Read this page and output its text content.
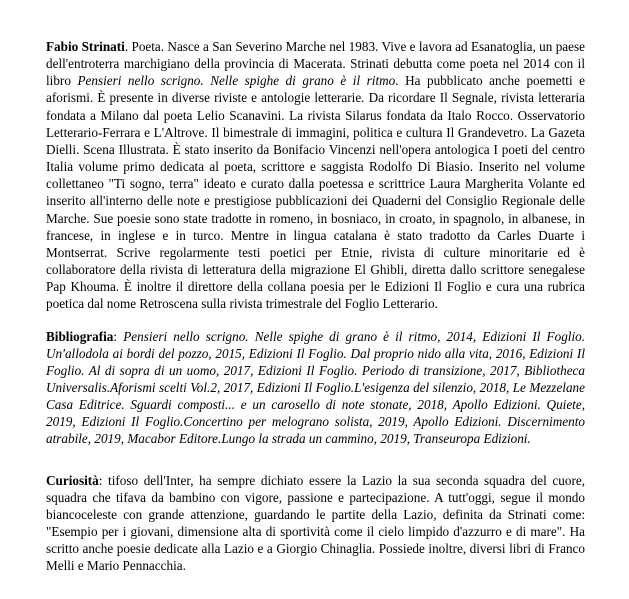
Fabio Strinati. Poeta. Nasce a San Severino Marche nel 1983. Vive e lavora ad Esanatoglia, un paese dell'entroterra marchigiano della provincia di Macerata. Strinati debutta come poeta nel 2014 con il libro Pensieri nello scrigno. Nelle spighe di grano è il ritmo. Ha pubblicato anche poemetti e aforismi. È presente in diverse riviste e antologie letterarie. Da ricordare Il Segnale, rivista letteraria fondata a Milano dal poeta Lelio Scanavini. La rivista Silarus fondata da Italo Rocco. Osservatorio Letterario-Ferrara e L'Altrove. Il bimestrale di immagini, politica e cultura Il Grandevetro. La Gazeta Dielli. Scena Illustrata. È stato inserito da Bonifacio Vincenzi nell'opera antologica I poeti del centro Italia volume primo dedicata al poeta, scrittore e saggista Rodolfo Di Biasio. Inserito nel volume collettaneo "Ti sogno, terra" ideato e curato dalla poetessa e scrittrice Laura Margherita Volante ed inserito all'interno delle note e prestigiose pubblicazioni dei Quaderni del Consiglio Regionale delle Marche. Sue poesie sono state tradotte in romeno, in bosniaco, in croato, in spagnolo, in albanese, in francese, in inglese e in turco. Mentre in lingua catalana è stato tradotto da Carles Duarte i Montserrat. Scrive regolarmente testi poetici per Etnie, rivista di culture minoritarie ed è collaboratore della rivista di letteratura della migrazione El Ghibli, diretta dallo scrittore senegalese Pap Khouma. È inoltre il direttore della collana poesia per le Edizioni Il Foglio e cura una rubrica poetica dal nome Retroscena sulla rivista trimestrale del Foglio Letterario.

Bibliografia: Pensieri nello scrigno. Nelle spighe di grano è il ritmo, 2014, Edizioni Il Foglio. Un'allodola ai bordi del pozzo, 2015, Edizioni Il Foglio. Dal proprio nido alla vita, 2016, Edizioni Il Foglio. Al di sopra di un uomo, 2017, Edizioni Il Foglio. Periodo di transizione, 2017, Bibliotheca Universalis.Aforismi scelti Vol.2, 2017, Edizioni Il Foglio.L'esigenza del silenzio, 2018, Le Mezzelane Casa Editrice. Sguardi composti... e un carosello di note stonate, 2018, Apollo Edizioni. Quiete, 2019, Edizioni Il Foglio.Concertino per melograno solista, 2019, Apollo Edizioni. Discernimento atrabile, 2019, Macabor Editore.Lungo la strada un cammino, 2019, Transeuropa Edizioni.

Curiosità: tifoso dell'Inter, ha sempre dichiato essere la Lazio la sua seconda squadra del cuore, squadra che tifava da bambino con vigore, passione e partecipazione. A tutt'oggi, segue il mondo biancoceleste con grande attenzione, guardando le partite della Lazio, definita da Strinati come: "Esempio per i giovani, dimensione alta di sportività come il cielo limpido d'azzurro e di mare". Ha scritto anche poesie dedicate alla Lazio e a Giorgio Chinaglia. Possiede inoltre, diversi libri di Franco Melli e Mario Pennacchia.
